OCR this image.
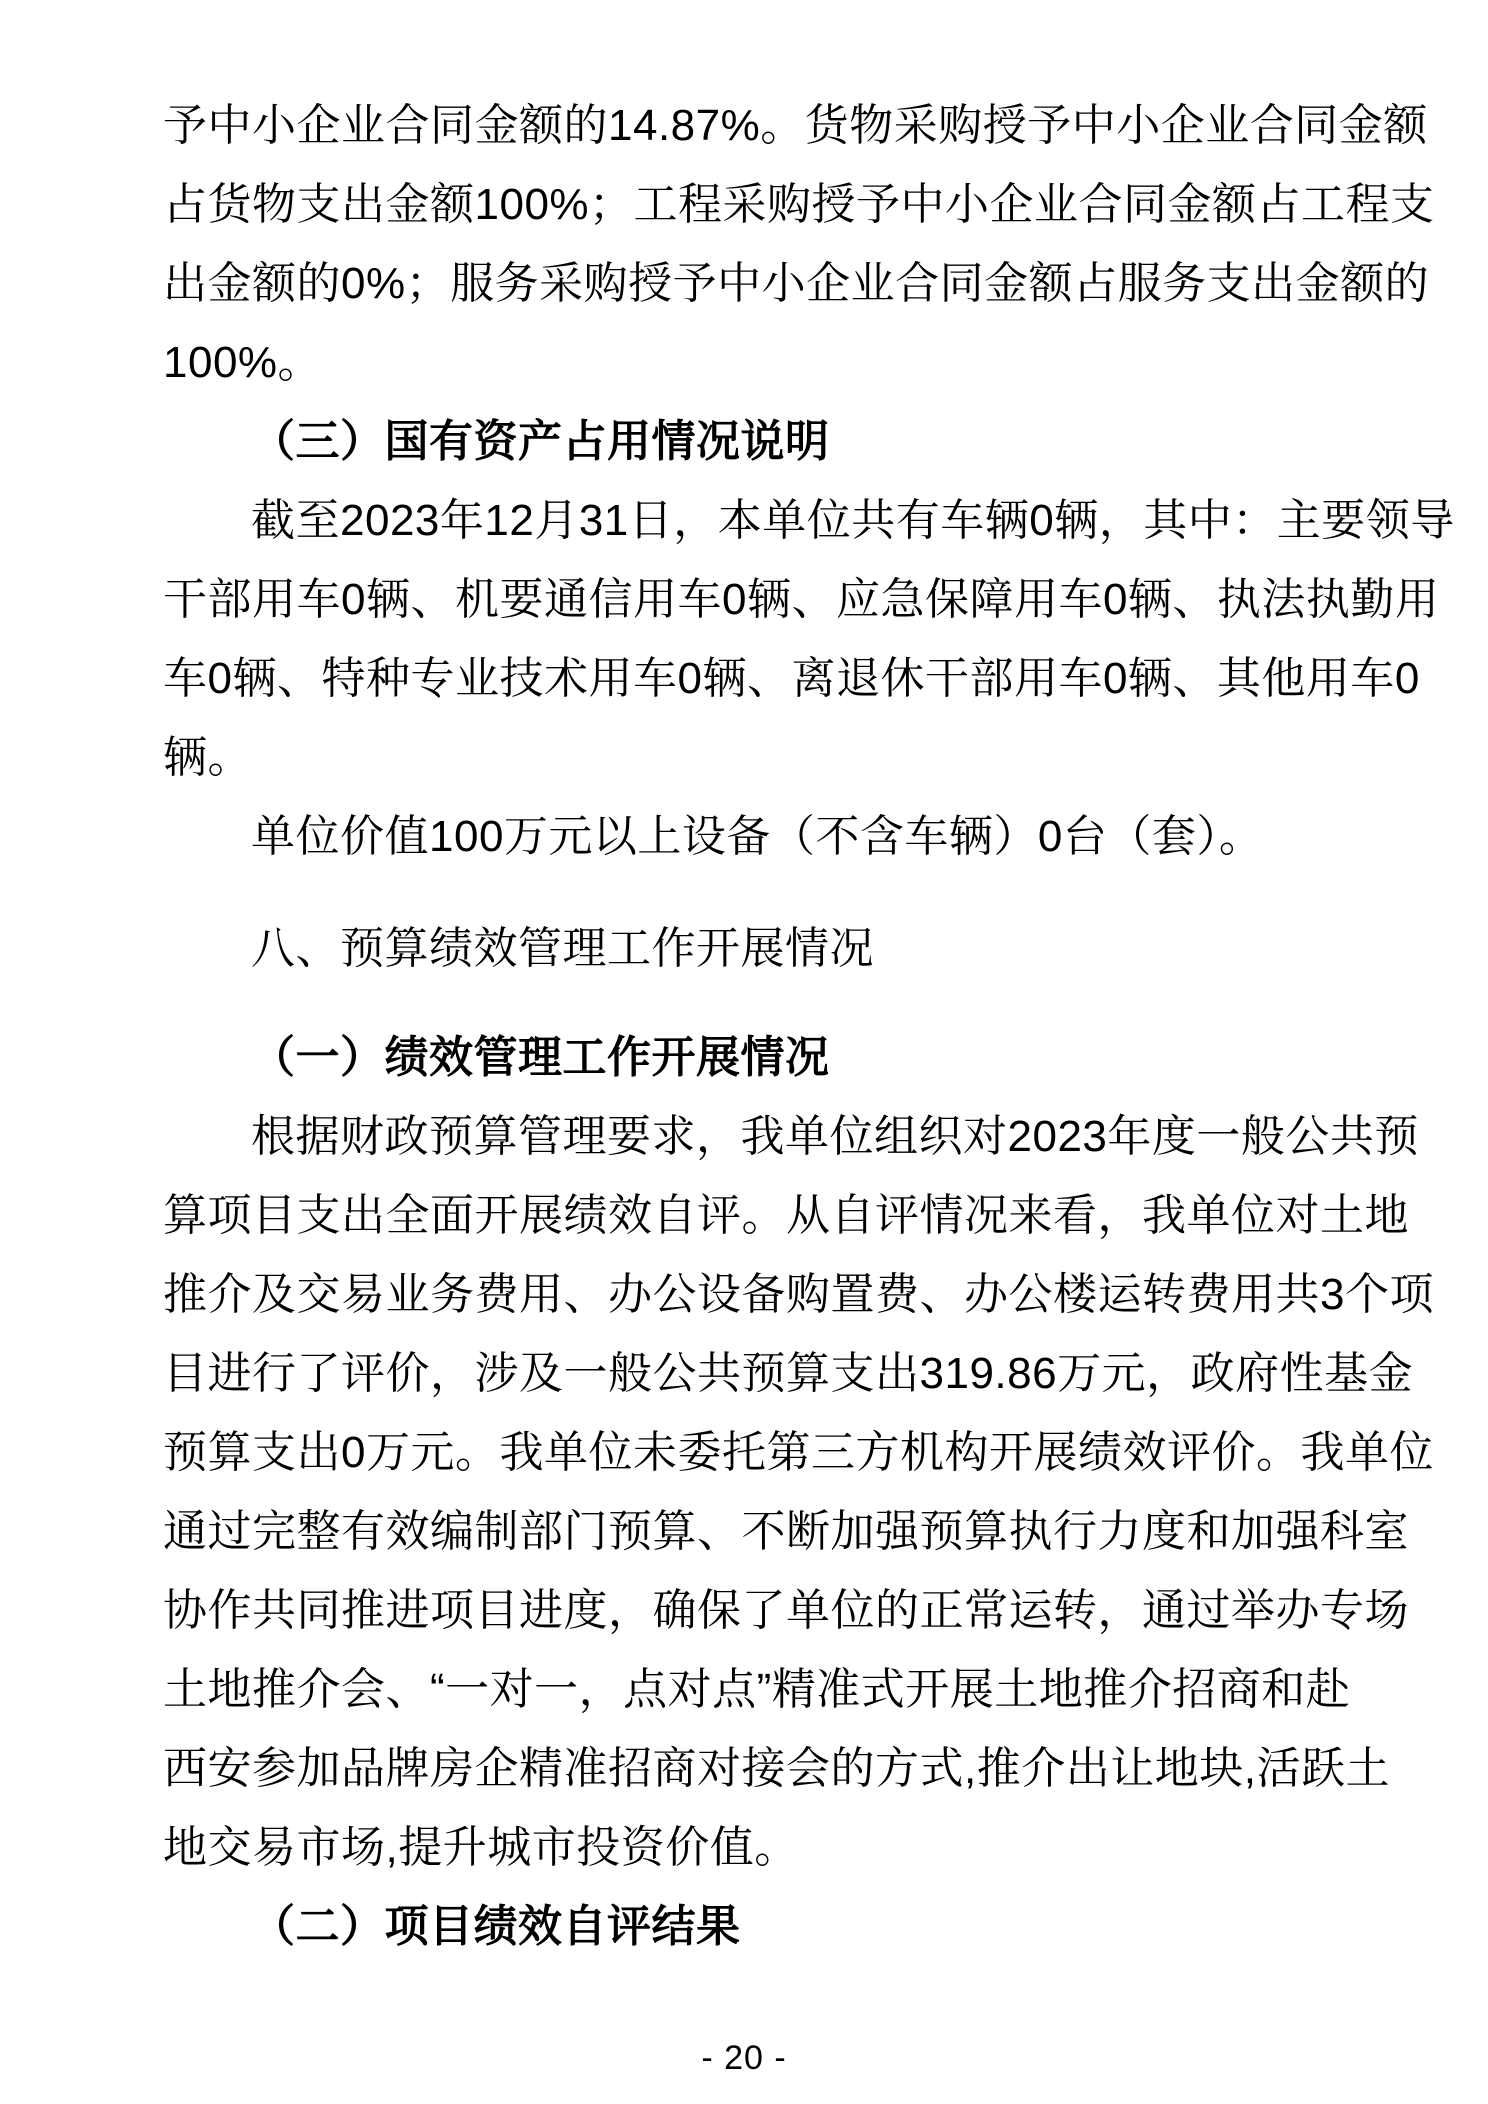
予中小企业合同金额的14.87%。货物采购授予中小企业合同金额

占货物支出金额100%；工程采购授予中小企业合同金额占工程支

出金额的0%；服务采购授予中小企业合同金额占服务支出金额的

100%。

（三）国有资产占用情况说明

截至2023年12月31日，本单位共有车辆0辆，其中：主要领导

干部用车0辆、机要通信用车0辆、应急保障用车0辆、执法执勤用

车0辆、特种专业技术用车0辆、离退休干部用车0辆、其他用车0

辆。

单位价值100万元以上设备（不含车辆）0台（套）。

八、预算绩效管理工作开展情况

（一）绩效管理工作开展情况

根据财政预算管理要求，我单位组织对2023年度一般公共预

算项目支出全面开展绩效自评。从自评情况来看，我单位对土地

推介及交易业务费用、办公设备购置费、办公楼运转费用共3个项

目进行了评价，涉及一般公共预算支出319.86万元，政府性基金

预算支出0万元。我单位未委托第三方机构开展绩效评价。我单位

通过完整有效编制部门预算、不断加强预算执行力度和加强科室

协作共同推进项目进度，确保了单位的正常运转，通过举办专场

土地推介会、“一对一，点对点”精准式开展土地推介招商和赴

西安参加品牌房企精准招商对接会的方式,推介出让地块,活跃土

地交易市场,提升城市投资价值。

（二）项目绩效自评结果

- 20 -
